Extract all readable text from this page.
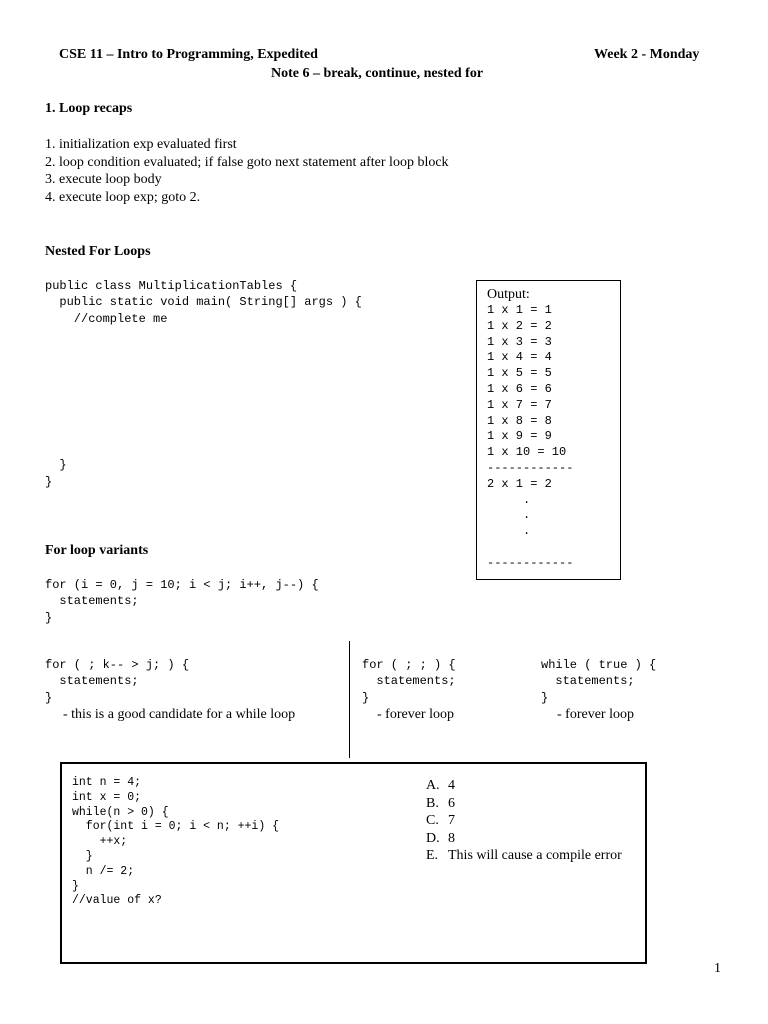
CSE 11 – Intro to Programming, Expedited	Week 2 - Monday
Note 6 – break, continue, nested for
1. Loop recaps
1. initialization exp evaluated first
2. loop condition evaluated; if false goto next statement after loop block
3. execute loop body
4. execute loop exp; goto 2.
Nested For Loops
public class MultiplicationTables {
public static void main( String[] args ) {
//complete me

}
}
Output:
1 x 1 = 1
1 x 2 = 2
1 x 3 = 3
1 x 4 = 4
1 x 5 = 5
1 x 6 = 6
1 x 7 = 7
1 x 8 = 8
1 x 9 = 9
1 x 10 = 10
------------
2 x 1 = 2
.
.
.
------------
For loop variants
for (i = 0, j = 10; i < j; i++, j--) {
statements;
}
for ( ; k-- > j; ) {
statements;
}
- this is a good candidate for a while loop
for ( ; ; ) {
statements;
}
- forever loop
while ( true ) {
statements;
}
- forever loop
int n = 4;
int x = 0;
while(n > 0) {
for(int i = 0; i < n; ++i) {
++x;
}
n /= 2;
}
//value of x?
A. 4
B. 6
C. 7
D. 8
E. This will cause a compile error
1
